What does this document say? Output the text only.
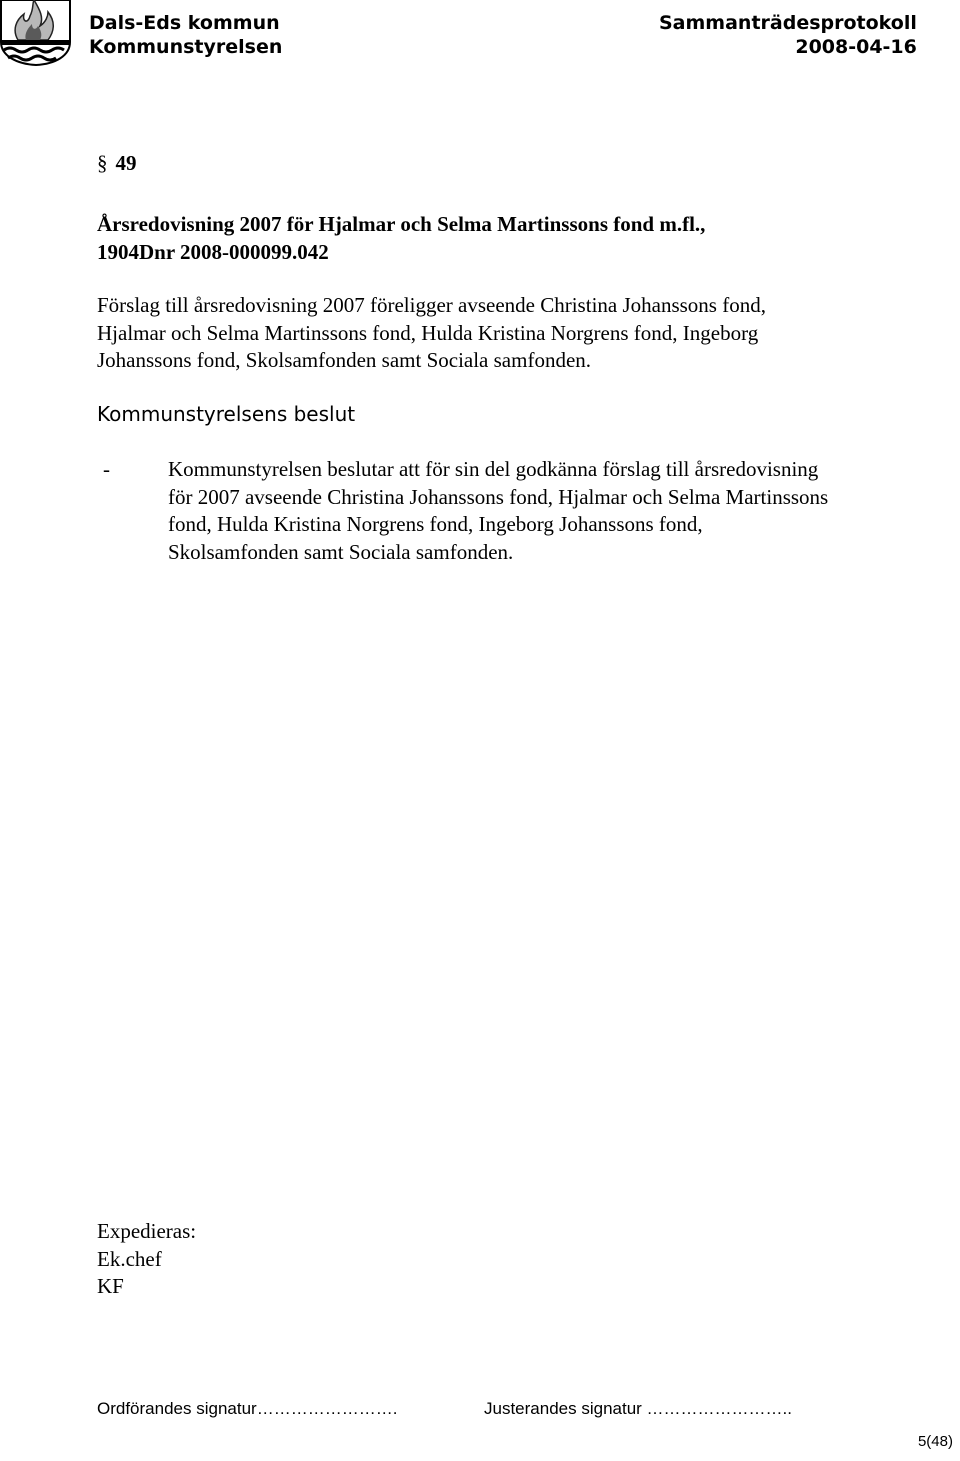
Dals-Eds kommun
Kommunstyrelsen
Sammanträdesprotokoll
2008-04-16
§ 49
Årsredovisning 2007 för Hjalmar och Selma Martinssons fond m.fl.,
1904Dnr 2008-000099.042
Förslag till årsredovisning 2007 föreligger avseende Christina Johanssons fond,
Hjalmar och Selma Martinssons fond, Hulda Kristina Norgrens fond, Ingeborg
Johanssons fond, Skolsamfonden samt Sociala samfonden.
Kommunstyrelsens beslut
-	Kommunstyrelsen beslutar att för sin del godkänna förslag till årsredovisning
för 2007 avseende Christina Johanssons fond, Hjalmar och Selma Martinssons
fond, Hulda Kristina Norgrens fond, Ingeborg Johanssons fond,
Skolsamfonden samt Sociala samfonden.
Expedieras:
Ek.chef
KF
Ordförandes signatur…………………….	Justerandes signatur ……………………..
5(48)
